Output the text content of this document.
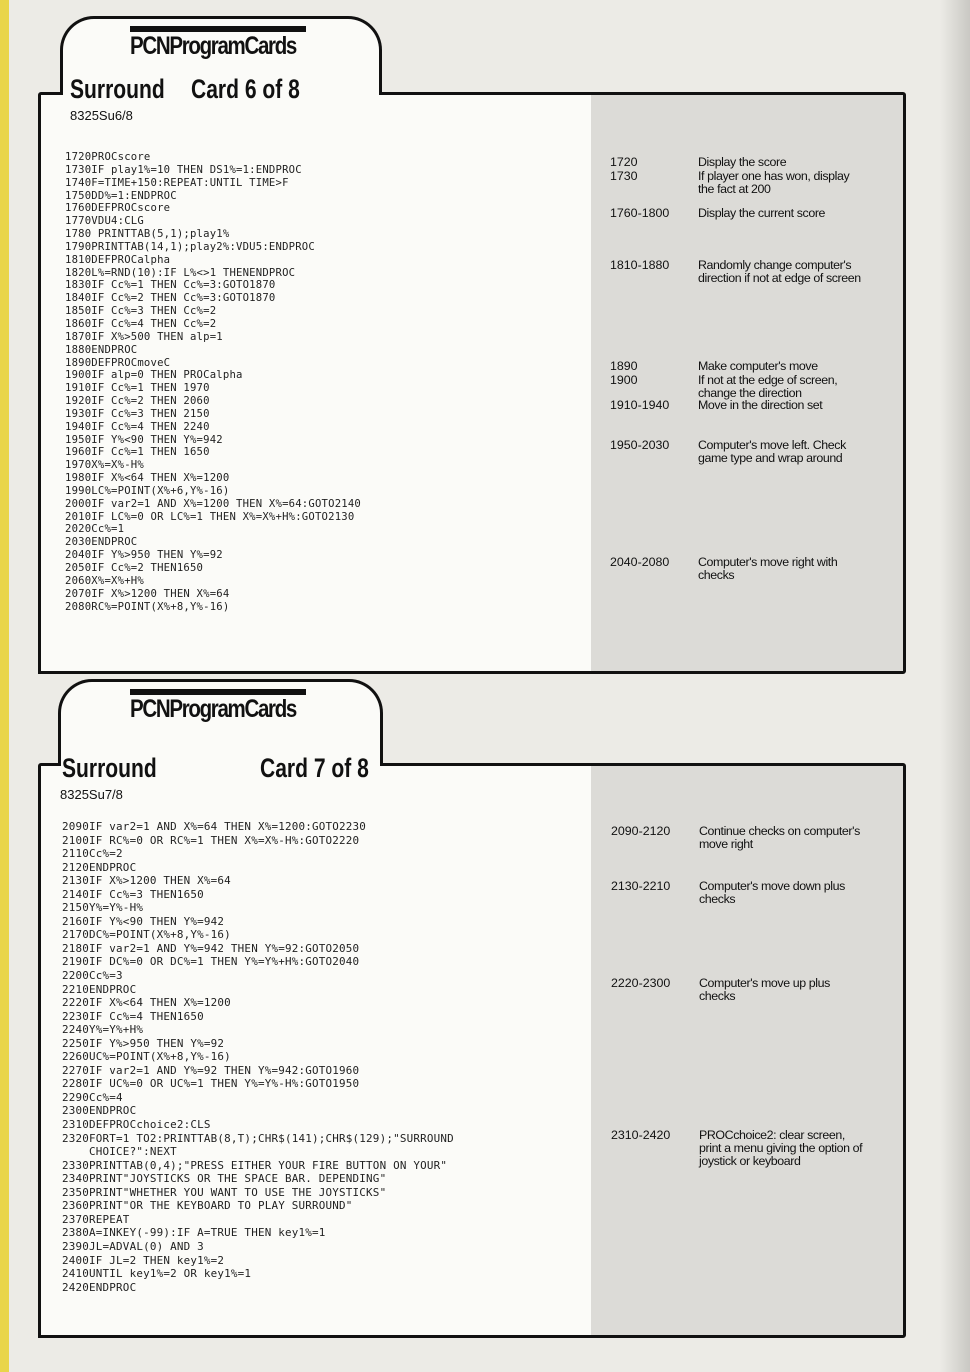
PCNProgramCards
Surround Card 6 of 8
8325Su6/8
1720PROCscore
1730IF play1%=10 THEN DS1%=1:ENDPROC
1740F=TIME+150:REPEAT:UNTIL TIME>F
1750DD%=1:ENDPROC
1760DEFPROCscore
1770VDU4:CLG
1780 PRINTTAB(5,1);play1%
1790PRINTTAB(14,1);play2%:VDU5:ENDPROC
1810DEFPROCalpha
1820L%=RND(10):IF L%<>1 THENENDPROC
1830IF Cc%=1 THEN Cc%=3:GOTO1870
1840IF Cc%=2 THEN Cc%=3:GOTO1870
1850IF Cc%=3 THEN Cc%=2
1860IF Cc%=4 THEN Cc%=2
1870IF X%>500 THEN alp=1
1880ENDPROC
1890DEFPROCmoveC
1900IF alp=0 THEN PROCalpha
1910IF Cc%=1 THEN 1970
1920IF Cc%=2 THEN 2060
1930IF Cc%=3 THEN 2150
1940IF Cc%=4 THEN 2240
1950IF Y%<90 THEN Y%=942
1960IF Cc%=1 THEN 1650
1970X%=X%-H%
1980IF X%<64 THEN X%=1200
1990LC%=POINT(X%+6,Y%-16)
2000IF var2=1 AND X%=1200 THEN X%=64:GOTO2140
2010IF LC%=0 OR LC%=1 THEN X%=X%+H%:GOTO2130
2020Cc%=1
2030ENDPROC
2040IF Y%>950 THEN Y%=92
2050IF Cc%=2 THEN1650
2060X%=X%+H%
2070IF X%>1200 THEN X%=64
2080RC%=POINT(X%+8,Y%-16)
1720	Display the score
1730	If player one has won, display
the fact at 200
1760-1800 Display the current score
1810-1880 Randomly change computer's
direction if not at edge of screen
1890	Make computer's move
1900	If not at the edge of screen,
change the direction
1910-1940 Move in the direction set
1950-2030 Computer's move left. Check
game type and wrap around
2040-2080 Computer's move right with
checks
PCNProgramCards
Surround	Card 7 of 8
8325Su7/8
2090IF var2=1 AND X%=64 THEN X%=1200:GOTO2230
2100IF RC%=0 OR RC%=1 THEN X%=X%-H%:GOTO2220
2110Cc%=2
2120ENDPROC
2130IF X%>1200 THEN X%=64
2140IF Cc%=3 THEN1650
2150Y%=Y%-H%
2160IF Y%<90 THEN Y%=942
2170DC%=POINT(X%+8,Y%-16)
2180IF var2=1 AND Y%=942 THEN Y%=92:GOTO2050
2190IF DC%=0 OR DC%=1 THEN Y%=Y%+H%:GOTO2040
2200Cc%=3
2210ENDPROC
2220IF X%<64 THEN X%=1200
2230IF Cc%=4 THEN1650
2240Y%=Y%+H%
2250IF Y%>950 THEN Y%=92
2260UC%=POINT(X%+8,Y%-16)
2270IF var2=1 AND Y%=92 THEN Y%=942:GOTO1960
2280IF UC%=0 OR UC%=1 THEN Y%=Y%-H%:GOTO1950
2290Cc%=4
2300ENDPROC
2310DEFPROCchoice2:CLS
2320FORT=1 TO2:PRINTTAB(8,T);CHR$(141);CHR$(129);"SURROUND
CHOICE?":NEXT
2330PRINTTAB(0,4);"PRESS EITHER YOUR FIRE BUTTON ON YOUR"
2340PRINT"JOYSTICKS OR THE SPACE BAR. DEPENDING"
2350PRINT"WHETHER YOU WANT TO USE THE JOYSTICKS"
2360PRINT"OR THE KEYBOARD TO PLAY SURROUND"
2370REPEAT
2380A=INKEY(-99):IF A=TRUE THEN key1%=1
2390JL=ADVAL(0) AND 3
2400IF JL=2 THEN key1%=2
2410UNTIL key1%=2 OR key1%=1
2420ENDPROC
2090-2120 Continue checks on computer's
move right
2130-2210 Computer's move down plus
checks
2220-2300 Computer's move up plus
checks
2310-2420 PROCchoice2: clear screen,
print a menu giving the option of
joystick or keyboard
